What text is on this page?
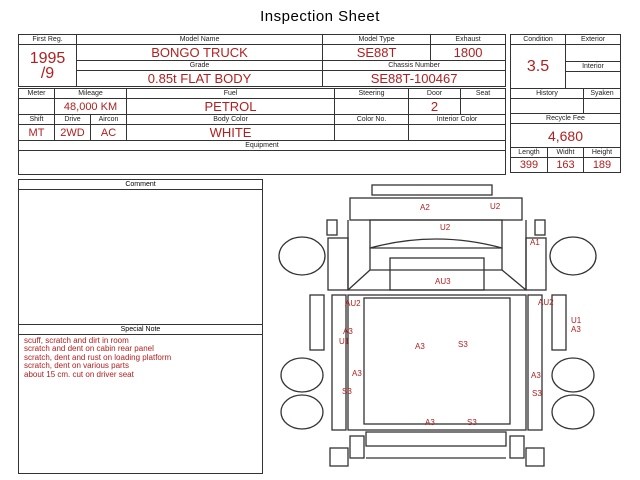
Inspection Sheet
First Reg.	Model Name	Model Type	Exhaust

1995
/9	BONGO TRUCK	SE88T	1800
	Grade	Chassis Number	
	0.85t FLAT BODY	SE88T-100467	
Meter	Mileage		Fuel	Steering	Door	Seat
	48,000 KM		PETROL		2	
Shift	Drive	Aircon	Body Color	Color No.	Interior Color	
MT	2WD	AC	WHITE			
Equipment						

Condition	Exterior
3.5	
	Interior

History		Syaken

Recycle Fee		
4,680		
Length	Widht	Height
399	163	189
Comment
Special Note
scuff, scratch and dirt in room
scratch and dent on cabin rear panel
scratch, dent and rust on loading platform
scratch, dent on various parts
about 15 cm. cut on driver seat
A2	U2
U2
A1
AU3
AU2	AU2
U1
A3
A3
U1
A3	S3
A3	A3
S3	S3
A3	S3
